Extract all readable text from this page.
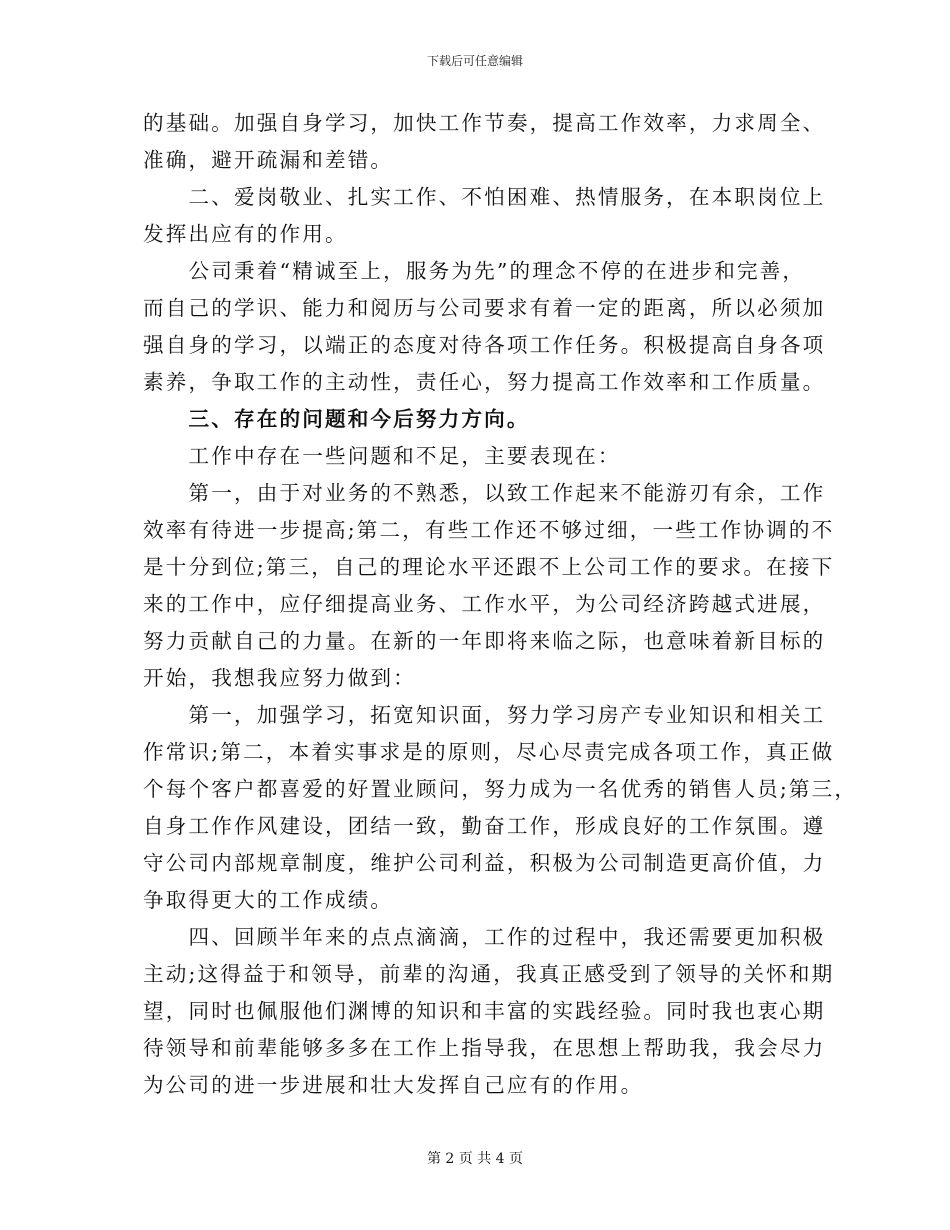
下载后可任意编辑
的基础。加强自身学习，加快工作节奏，提高工作效率，力求周全、
准确，避开疏漏和差错。
　　二、爱岗敬业、扎实工作、不怕困难、热情服务，在本职岗位上
发挥出应有的作用。
　　公司秉着“精诚至上，服务为先”的理念不停的在进步和完善，
而自己的学识、能力和阅历与公司要求有着一定的距离，所以必须加
强自身的学习，以端正的态度对待各项工作任务。积极提高自身各项
素养，争取工作的主动性，责任心，努力提高工作效率和工作质量。
　　三、存在的问题和今后努力方向。
　　工作中存在一些问题和不足，主要表现在：
　　第一，由于对业务的不熟悉，以致工作起来不能游刃有余，工作
效率有待进一步提高;第二，有些工作还不够过细，一些工作协调的不
是十分到位;第三，自己的理论水平还跟不上公司工作的要求。在接下
来的工作中，应仔细提高业务、工作水平，为公司经济跨越式进展，
努力贡献自己的力量。在新的一年即将来临之际，也意味着新目标的
开始，我想我应努力做到：
　　第一，加强学习，拓宽知识面，努力学习房产专业知识和相关工
作常识;第二，本着实事求是的原则，尽心尽责完成各项工作，真正做
个每个客户都喜爱的好置业顾问，努力成为一名优秀的销售人员;第三，
自身工作作风建设，团结一致，勤奋工作，形成良好的工作氛围。遵
守公司内部规章制度，维护公司利益，积极为公司制造更高价值，力
争取得更大的工作成绩。
　　四、回顾半年来的点点滴滴，工作的过程中，我还需要更加积极
主动;这得益于和领导，前辈的沟通，我真正感受到了领导的关怀和期
望，同时也佩服他们渊博的知识和丰富的实践经验。同时我也衷心期
待领导和前辈能够多多在工作上指导我，在思想上帮助我，我会尽力
为公司的进一步进展和壮大发挥自己应有的作用。
第 2 页 共 4 页
